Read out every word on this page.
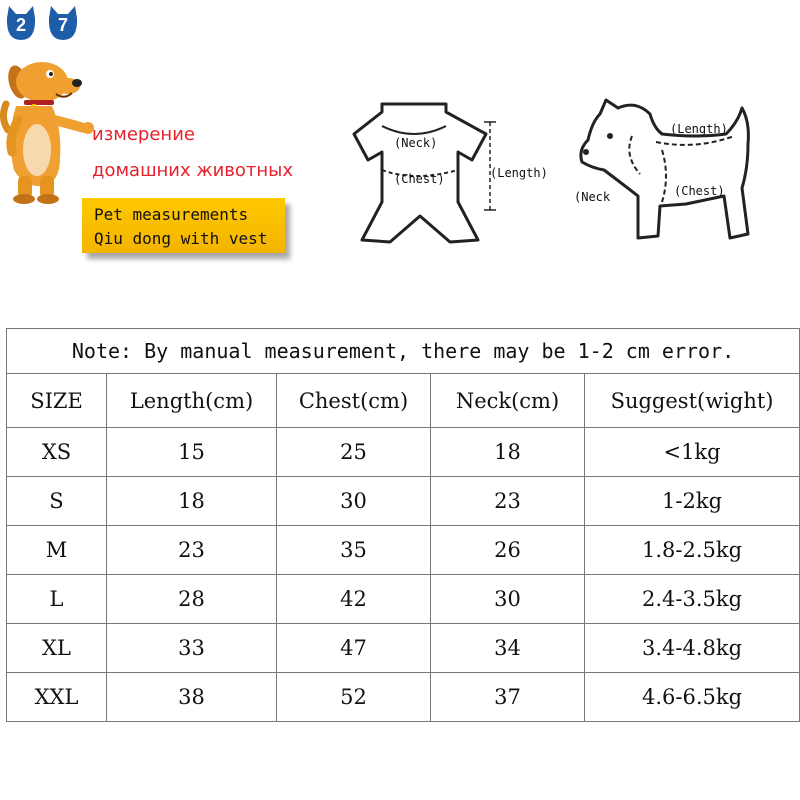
2	7
измерение
домашних животных
Pet measurements
Qiu dong with vest
(Neck)
(Chest)	(Length)
(Length)
(Neck	(Chest)
Note: By manual measurement, there may be 1-2 cm error.				
SIZE	Length(cm)	Chest(cm)	Neck(cm)	Suggest(wight)
XS	15	25	18	<1kg
S	18	30	23	1-2kg
M	23	35	26	1.8-2.5kg
L	28	42	30	2.4-3.5kg
XL	33	47	34	3.4-4.8kg
XXL	38	52	37	4.6-6.5kg
